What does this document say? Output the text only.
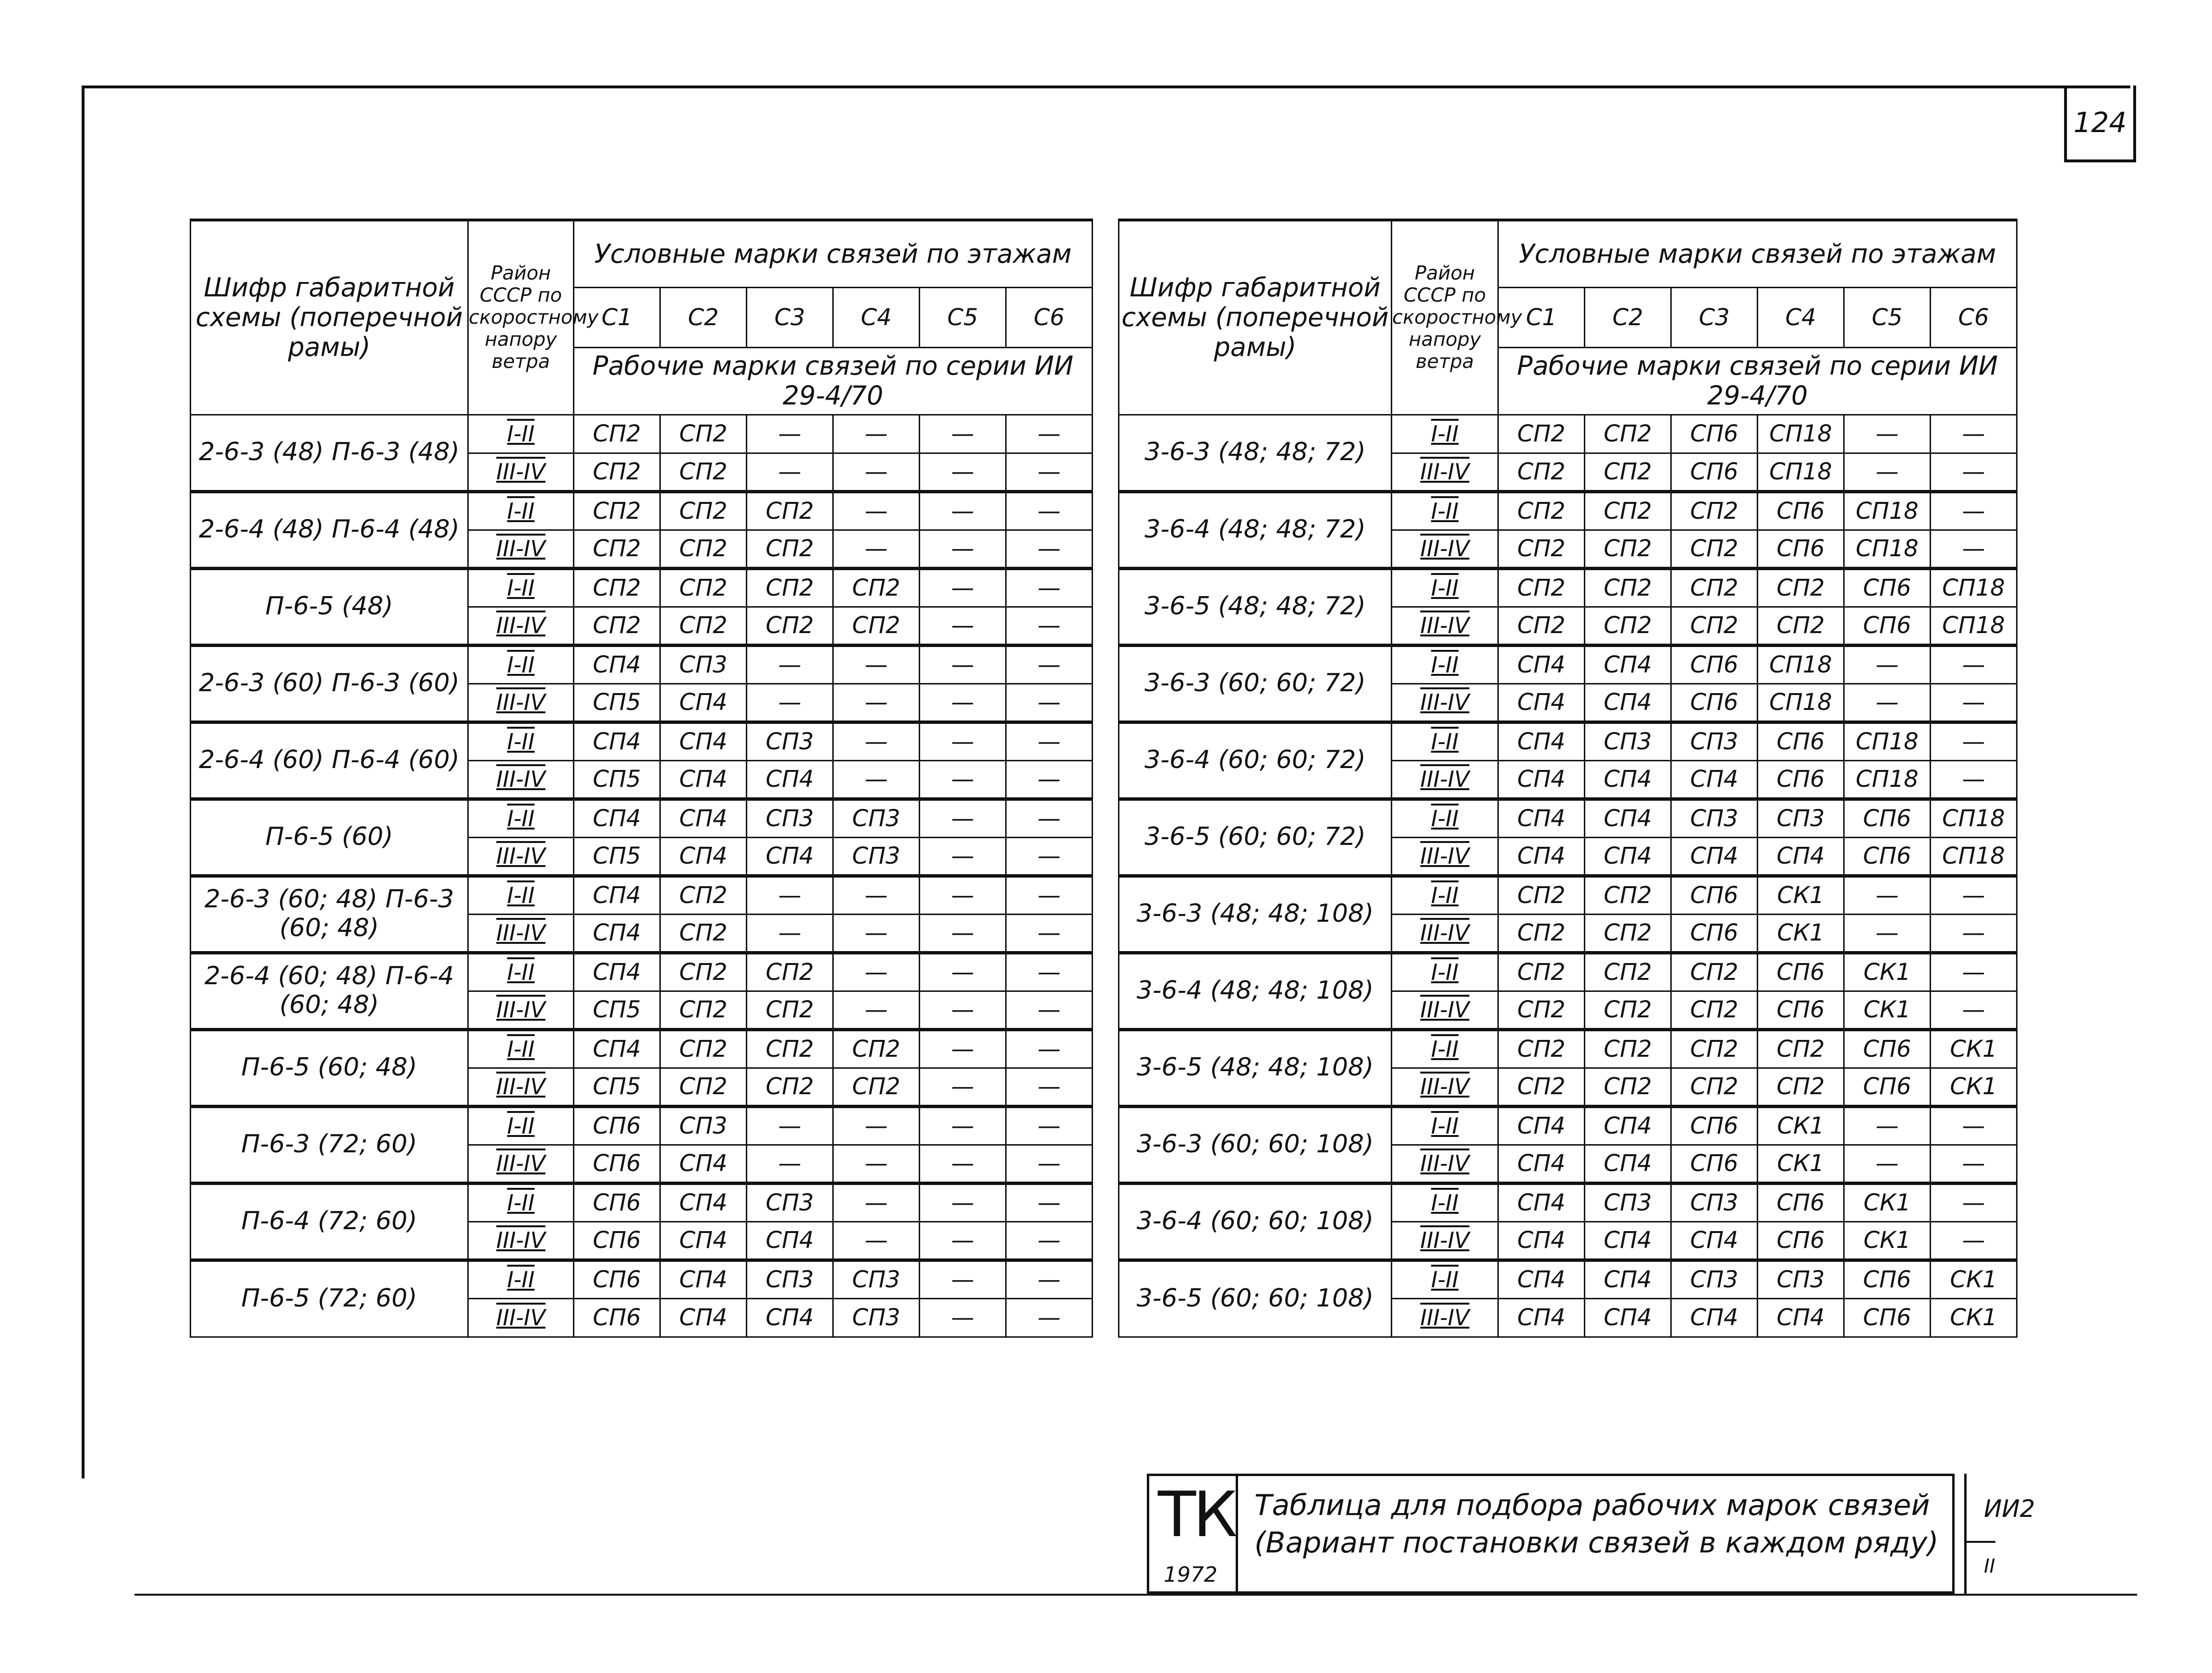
124
Шифр габаритной схемы (поперечной рамы)	Район СССР по скоростному напору ветра	Условные марки связей по этажам					
		С1	С2	С3	С4	С5	С6
		Рабочие марки связей по серии ИИ 29-4/70					
2-6-3 (48) П-6-3 (48)	I-II	СП2	СП2	—	—	—	—
	III-IV	СП2	СП2	—	—	—	—
2-6-4 (48) П-6-4 (48)	I-II	СП2	СП2	СП2	—	—	—
	III-IV	СП2	СП2	СП2	—	—	—
П-6-5 (48)	I-II	СП2	СП2	СП2	СП2	—	—
	III-IV	СП2	СП2	СП2	СП2	—	—
2-6-3 (60) П-6-3 (60)	I-II	СП4	СП3	—	—	—	—
	III-IV	СП5	СП4	—	—	—	—
2-6-4 (60) П-6-4 (60)	I-II	СП4	СП4	СП3	—	—	—
	III-IV	СП5	СП4	СП4	—	—	—
П-6-5 (60)	I-II	СП4	СП4	СП3	СП3	—	—
	III-IV	СП5	СП4	СП4	СП3	—	—
2-6-3 (60; 48) П-6-3 (60; 48)	I-II	СП4	СП2	—	—	—	—
	III-IV	СП4	СП2	—	—	—	—
2-6-4 (60; 48) П-6-4 (60; 48)	I-II	СП4	СП2	СП2	—	—	—
	III-IV	СП5	СП2	СП2	—	—	—
П-6-5 (60; 48)	I-II	СП4	СП2	СП2	СП2	—	—
	III-IV	СП5	СП2	СП2	СП2	—	—
П-6-3 (72; 60)	I-II	СП6	СП3	—	—	—	—
	III-IV	СП6	СП4	—	—	—	—
П-6-4 (72; 60)	I-II	СП6	СП4	СП3	—	—	—
	III-IV	СП6	СП4	СП4	—	—	—
П-6-5 (72; 60)	I-II	СП6	СП4	СП3	СП3	—	—
	III-IV	СП6	СП4	СП4	СП3	—	—
Шифр габаритной схемы (поперечной рамы)	Район СССР по скоростному напору ветра	Условные марки связей по этажам					
		С1	С2	С3	С4	С5	С6
		Рабочие марки связей по серии ИИ 29-4/70					
3-6-3 (48; 48; 72)	I-II	СП2	СП2	СП6	СП18	—	—
	III-IV	СП2	СП2	СП6	СП18	—	—
3-6-4 (48; 48; 72)	I-II	СП2	СП2	СП2	СП6	СП18	—
	III-IV	СП2	СП2	СП2	СП6	СП18	—
3-6-5 (48; 48; 72)	I-II	СП2	СП2	СП2	СП2	СП6	СП18
	III-IV	СП2	СП2	СП2	СП2	СП6	СП18
3-6-3 (60; 60; 72)	I-II	СП4	СП4	СП6	СП18	—	—
	III-IV	СП4	СП4	СП6	СП18	—	—
3-6-4 (60; 60; 72)	I-II	СП4	СП3	СП3	СП6	СП18	—
	III-IV	СП4	СП4	СП4	СП6	СП18	—
3-6-5 (60; 60; 72)	I-II	СП4	СП4	СП3	СП3	СП6	СП18
	III-IV	СП4	СП4	СП4	СП4	СП6	СП18
3-6-3 (48; 48; 108)	I-II	СП2	СП2	СП6	СК1	—	—
	III-IV	СП2	СП2	СП6	СК1	—	—
3-6-4 (48; 48; 108)	I-II	СП2	СП2	СП2	СП6	СК1	—
	III-IV	СП2	СП2	СП2	СП6	СК1	—
3-6-5 (48; 48; 108)	I-II	СП2	СП2	СП2	СП2	СП6	СК1
	III-IV	СП2	СП2	СП2	СП2	СП6	СК1
3-6-3 (60; 60; 108)	I-II	СП4	СП4	СП6	СК1	—	—
	III-IV	СП4	СП4	СП6	СК1	—	—
3-6-4 (60; 60; 108)	I-II	СП4	СП3	СП3	СП6	СК1	—
	III-IV	СП4	СП4	СП4	СП6	СК1	—
3-6-5 (60; 60; 108)	I-II	СП4	СП4	СП3	СП3	СП6	СК1
	III-IV	СП4	СП4	СП4	СП4	СП6	СК1
ТК
1972
Таблица для подбора рабочих марок связей
(Вариант постановки связей в каждом ряду)
ИИ2
II
